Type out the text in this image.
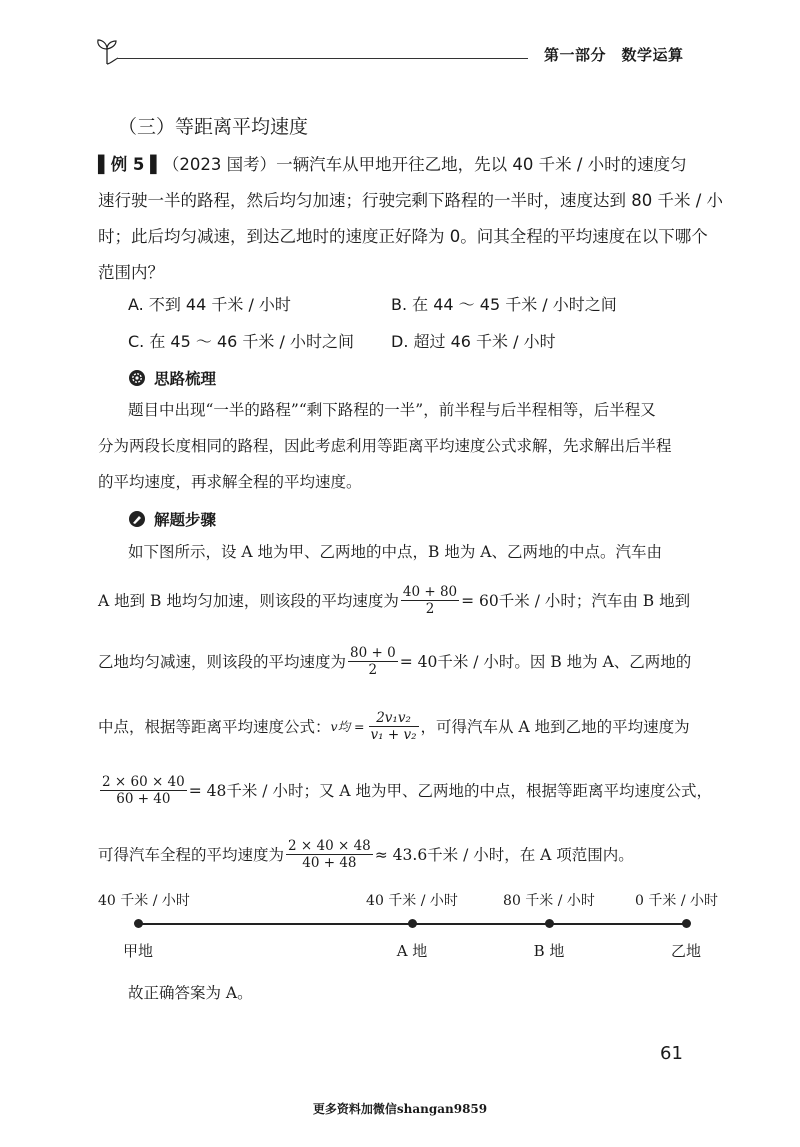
第一部分　数学运算
（三）等距离平均速度
▌例 5 ▌（2023 国考）一辆汽车从甲地开往乙地，先以 40 千米 / 小时的速度匀
速行驶一半的路程，然后均匀加速；行驶完剩下路程的一半时，速度达到 80 千米 / 小
时；此后均匀减速，到达乙地时的速度正好降为 0。问其全程的平均速度在以下哪个
范围内？
A. 不到 44 千米 / 小时	B. 在 44 ～ 45 千米 / 小时之间
C. 在 45 ～ 46 千米 / 小时之间 D. 超过 46 千米 / 小时
思路梳理
题目中出现“一半的路程”“剩下路程的一半”，前半程与后半程相等，后半程又
分为两段长度相同的路程，因此考虑利用等距离平均速度公式求解，先求解出后半程
的平均速度，再求解全程的平均速度。
解题步骤
如下图所示，设 A 地为甲、乙两地的中点，B 地为 A、乙两地的中点。汽车由
A 地到 B 地均匀加速，则该段的平均速度为 $\frac{40 + 80}{2} = 60$千米 / 小时；汽车由 B 地到
乙地均匀减速，则该段的平均速度为 $\frac{80 + 0}{2} = 40$千米 / 小时。因 B 地为 A、乙两地的
中点，根据等距离平均速度公式： v均 = $\frac{\text{2v₁v₂}}{\text{v₁ + v₂}}$ ，可得汽车从 A 地到乙地的平均速度为
$\frac{2 \times 60 \times 40}{60 + 40} = 48$千米 / 小时；又 A 地为甲、乙两地的中点，根据等距离平均速度公式，
可得汽车全程的平均速度为 $\frac{2 \times 40 \times 48}{40 + 48} \approx 43.6$千米 / 小时，在 A 项范围内。
40 千米 / 小时
甲地
40 千米 / 小时
A 地
80 千米 / 小时
B 地
0 千米 / 小时
乙地
故正确答案为 A。
61
更多资料加微信shangan9859
